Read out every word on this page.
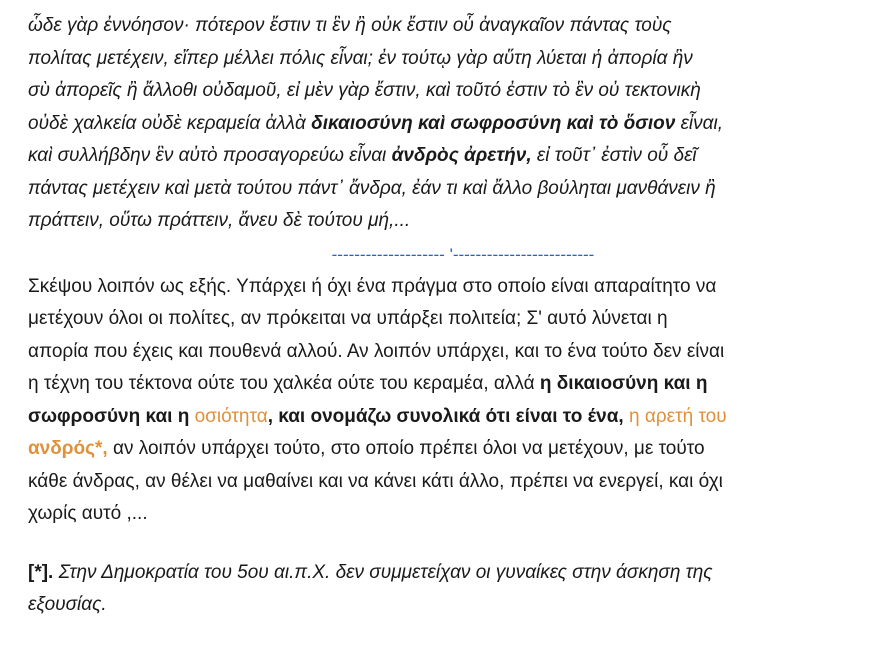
ὧδε γὰρ ἐννόησον· πότερον ἔστιν τι ἓν ἢ οὐκ ἔστιν οὗ ἀναγκαῖον πάντας τοὺς
πολίτας μετέχειν, εἴπερ μέλλει πόλις εἶναι; ἐν τούτῳ γὰρ αὕτη λύεται ἡ ἀπορία ἣν
σὺ ἀπορεῖς ἢ ἄλλοθι οὐδαμοῦ, εἰ μὲν γὰρ ἔστιν, καὶ τοῦτό ἐστιν τὸ ἓν οὐ τεκτονικὴ
οὐδὲ χαλκεία οὐδὲ κεραμεία ἀλλὰ δικαιοσύνη καὶ σωφροσύνη καὶ τὸ ὅσιον εἶναι,
καὶ συλλήβδην ἓν αὐτὸ προσαγορεύω εἶναι ἀνδρὸς ἀρετήν, εἰ τοῦτ᾽ ἐστὶν οὗ δεῖ
πάντας μετέχειν καὶ μετὰ τούτου πάντ᾽ ἄνδρα, ἐάν τι καὶ ἄλλο βούληται μανθάνειν ἢ
πράττειν, οὕτω πράττειν, ἄνευ δὲ τούτου μή,...
-------------------- '-------------------------
Σκέψου λοιπόν ως εξής. Υπάρχει ή όχι ένα πράγμα στο οποίο είναι απαραίτητο να
μετέχουν όλοι οι πολίτες, αν πρόκειται να υπάρξει πολιτεία; Σ' αυτό λύνεται η
απορία που έχεις και πουθενά αλλού. Αν λοιπόν υπάρχει, και το ένα τούτο δεν είναι
η τέχνη του τέκτονα ούτε του χαλκέα ούτε του κεραμέα, αλλά η δικαιοσύνη και η
σωφροσύνη και η οσιότητα, και ονομάζω συνολικά ότι είναι το ένα, η αρετή του
ανδρός*, αν λοιπόν υπάρχει τούτο, στο οποίο πρέπει όλοι να μετέχουν, με τούτο
κάθε άνδρας, αν θέλει να μαθαίνει και να κάνει κάτι άλλο, πρέπει να ενεργεί, και όχι
χωρίς αυτό ,...
[*]. Στην Δημοκρατία του 5ου αι.π.Χ. δεν συμμετείχαν οι γυναίκες στην άσκηση της
εξουσίας.
